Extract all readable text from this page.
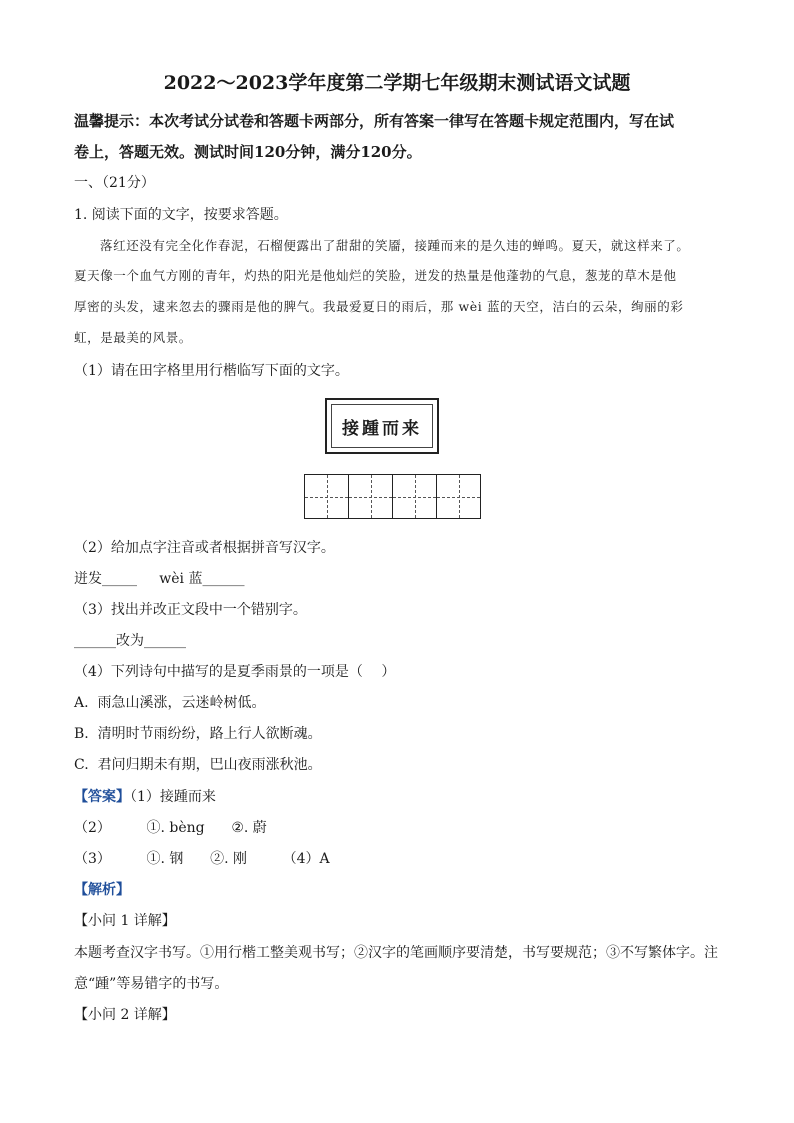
2022～2023学年度第二学期七年级期末测试语文试题
温馨提示：本次考试分试卷和答题卡两部分，所有答案一律写在答题卡规定范围内，写在试
卷上，答题无效。测试时间120分钟，满分120分。
一、（21分）
1. 阅读下面的文字，按要求答题。
落红还没有完全化作春泥，石榴便露出了甜甜的笑靥，接踵而来的是久违的蝉鸣。夏天，就这样来了。
夏天像一个血气方刚的青年，灼热的阳光是他灿烂的笑脸，迸发的热量是他蓬勃的气息，葱茏的草木是他
厚密的头发，逮来忽去的骤雨是他的脾气。我最爱夏日的雨后，那 wèi 蓝的天空，洁白的云朵，绚丽的彩
虹，是最美的风景。
（1）请在田字格里用行楷临写下面的文字。
接踵而来
（2）给加点字注音或者根据拼音写汉字。
迸发_____     wèi 蓝______
（3）找出并改正文段中一个错别字。
______改为______
（4）下列诗句中描写的是夏季雨景的一项是（　 ）
A.  雨急山溪涨，云迷岭树低。
B.  清明时节雨纷纷，路上行人欲断魂。
C.  君问归期未有期，巴山夜雨涨秋池。
【答案】（1）接踵而来
（2）        ①. bèng      ②. 蔚
（3）        ①. 钢      ②. 刚        （4）A
【解析】
【小问 1 详解】
本题考查汉字书写。①用行楷工整美观书写；②汉字的笔画顺序要清楚，书写要规范；③不写繁体字。注
意“踵”等易错字的书写。
【小问 2 详解】
